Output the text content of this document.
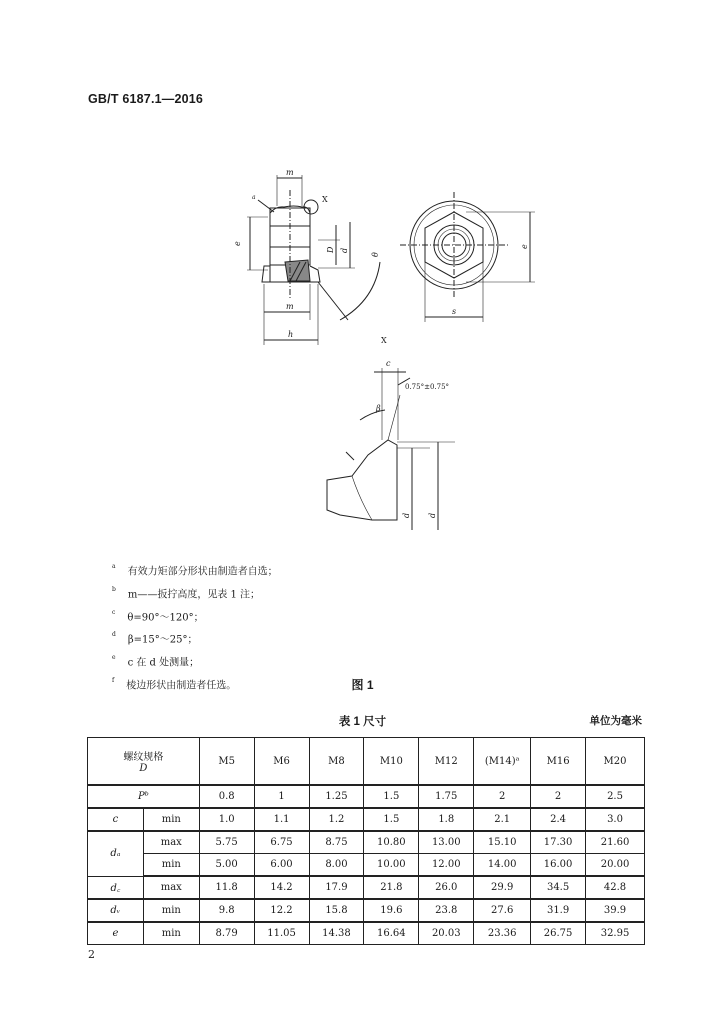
GB/T 6187.1—2016
m
X
a
e
D d
θ
m
h
e
s
X
c
0.75°±0.75°
β
d d
$^a$ 有效力矩部分形状由制造者自选；
$^b$ m——扳拧高度，见表 1 注；
$^c$ θ=90°～120°；
$^d$ β=15°～25°；
$^e$ c 在 d 处测量；
$^f$ 棱边形状由制造者任选。	图 1
表 1 尺寸	单位为毫米
螺纹规格
D		M5	M6	M8	M10	M12	(M14)ᵃ	M16	M20
Pᵇ		0.8	1	1.25	1.5	1.75	2	2	2.5
c	min	1.0	1.1	1.2	1.5	1.8	2.1	2.4	3.0
dₐ	max	5.75	6.75	8.75	10.80	13.00	15.10	17.30	21.60
	min	5.00	6.00	8.00	10.00	12.00	14.00	16.00	20.00
d꜀	max	11.8	14.2	17.9	21.8	26.0	29.9	34.5	42.8
dᵥ	min	9.8	12.2	15.8	19.6	23.8	27.6	31.9	39.9
e	min	8.79	11.05	14.38	16.64	20.03	23.36	26.75	32.95
2
